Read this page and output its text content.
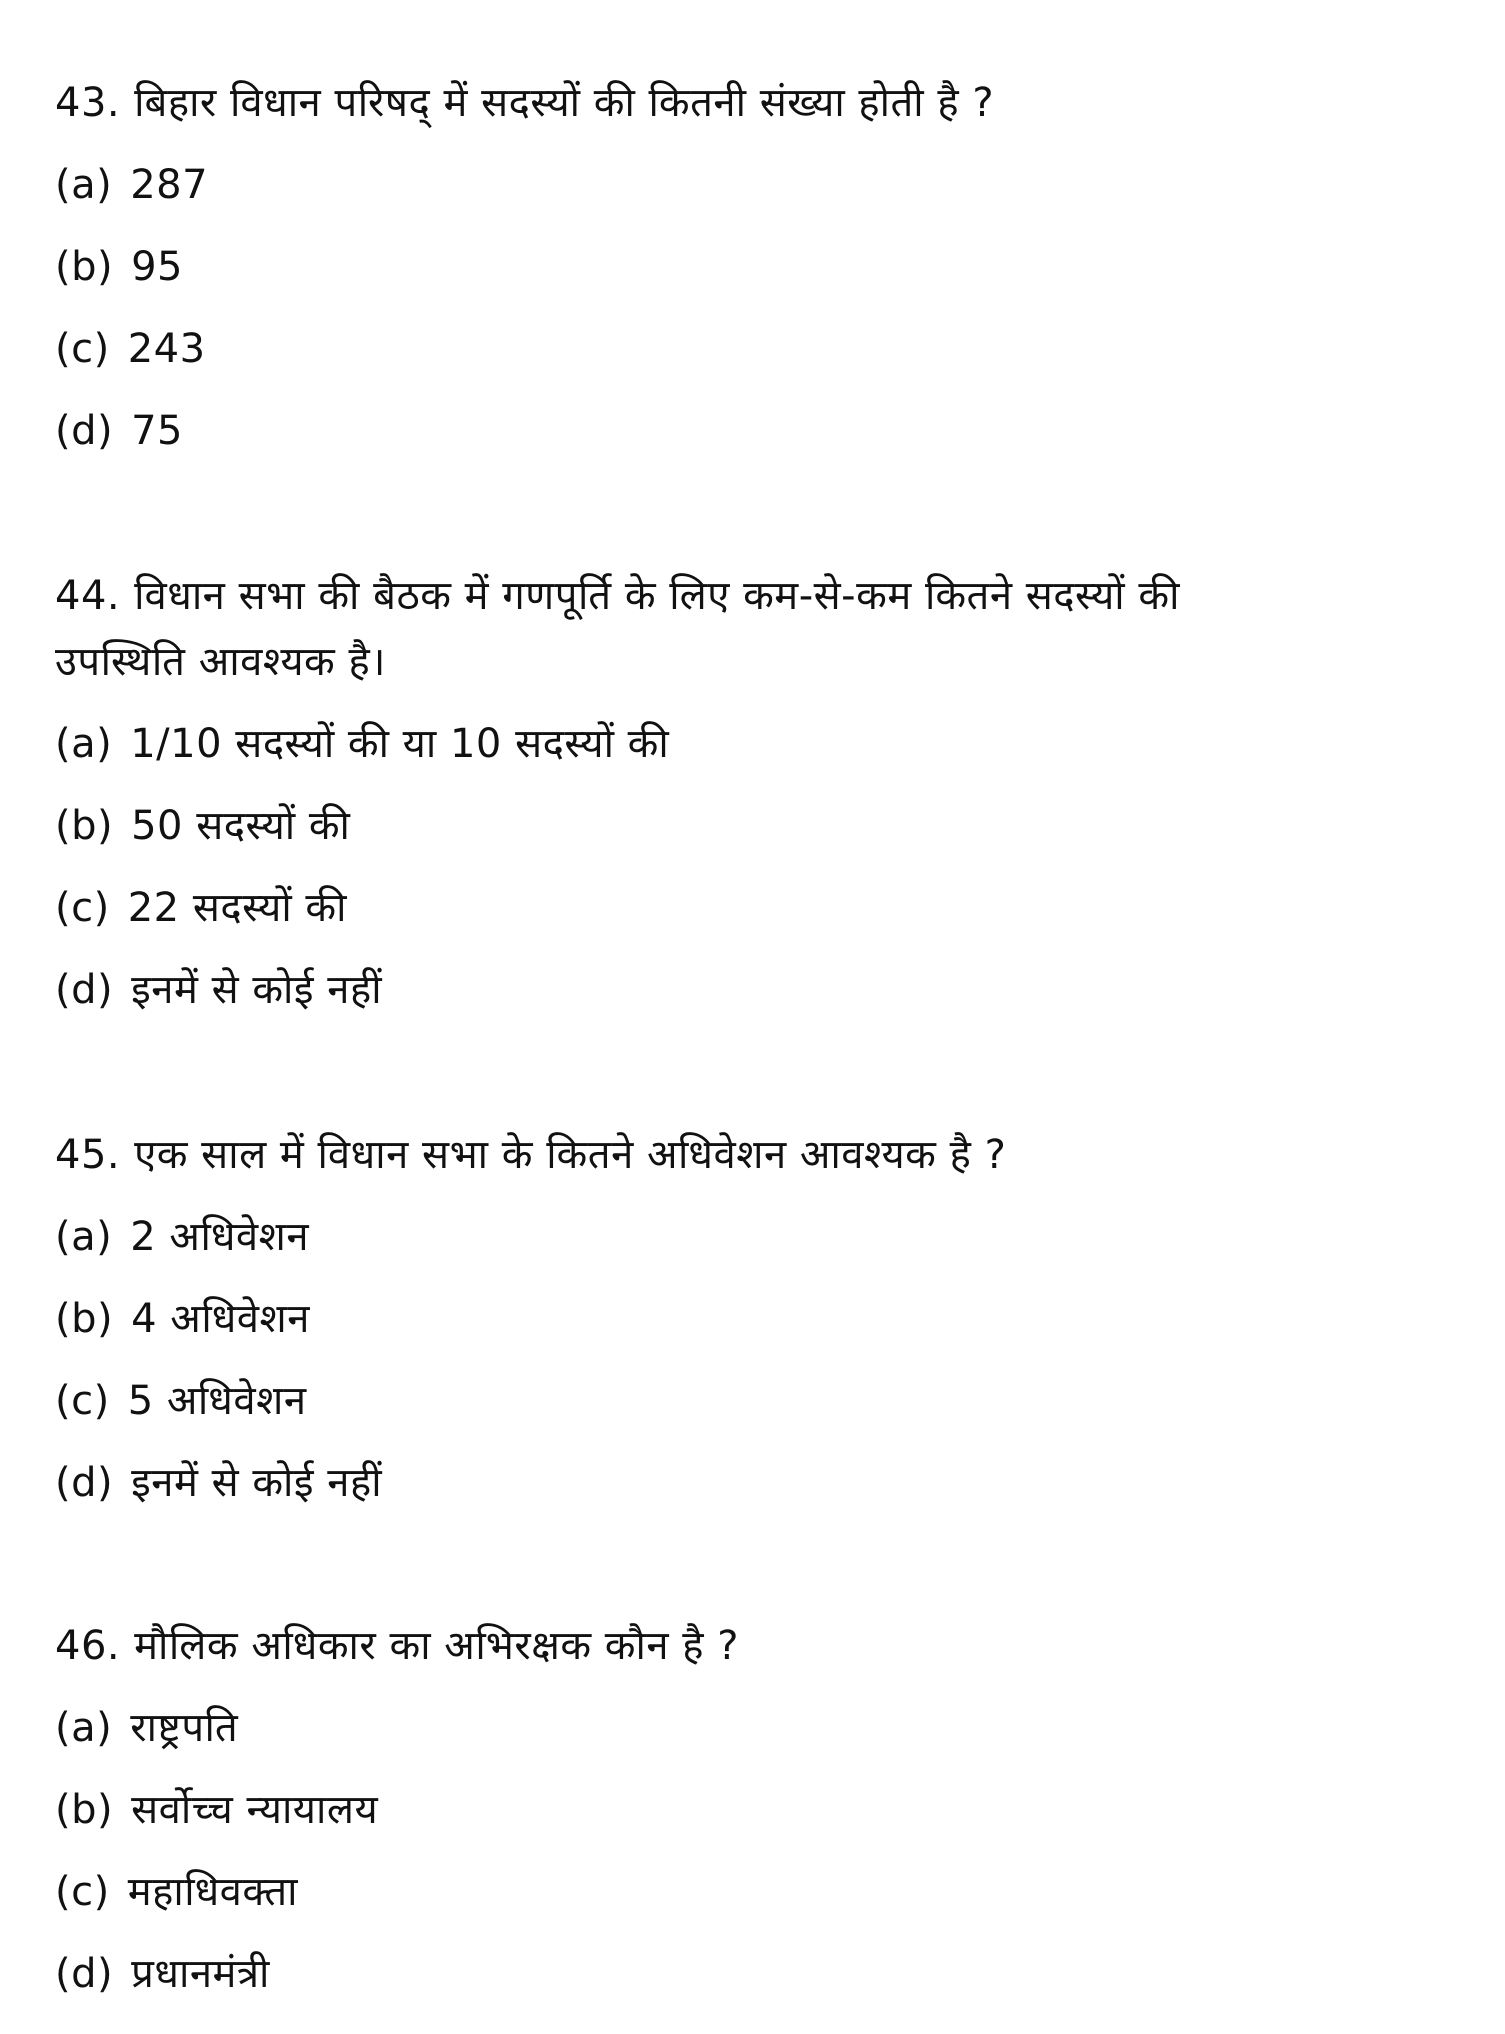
43. बिहार विधान परिषद् में सदस्यों की कितनी संख्या होती है ?
(a) 287
(b) 95
(c) 243
(d) 75
44. विधान सभा की बैठक में गणपूर्ति के लिए कम-से-कम कितने सदस्यों की
उपस्थिति आवश्यक है।
(a) 1/10 सदस्यों की या 10 सदस्यों की
(b) 50 सदस्यों की
(c) 22 सदस्यों की
(d) इनमें से कोई नहीं
45. एक साल में विधान सभा के कितने अधिवेशन आवश्यक है ?
(a) 2 अधिवेशन
(b) 4 अधिवेशन
(c) 5 अधिवेशन
(d) इनमें से कोई नहीं
46. मौलिक अधिकार का अभिरक्षक कौन है ?
(a) राष्ट्रपति
(b) सर्वोच्च न्यायालय
(c) महाधिवक्ता
(d) प्रधानमंत्री
